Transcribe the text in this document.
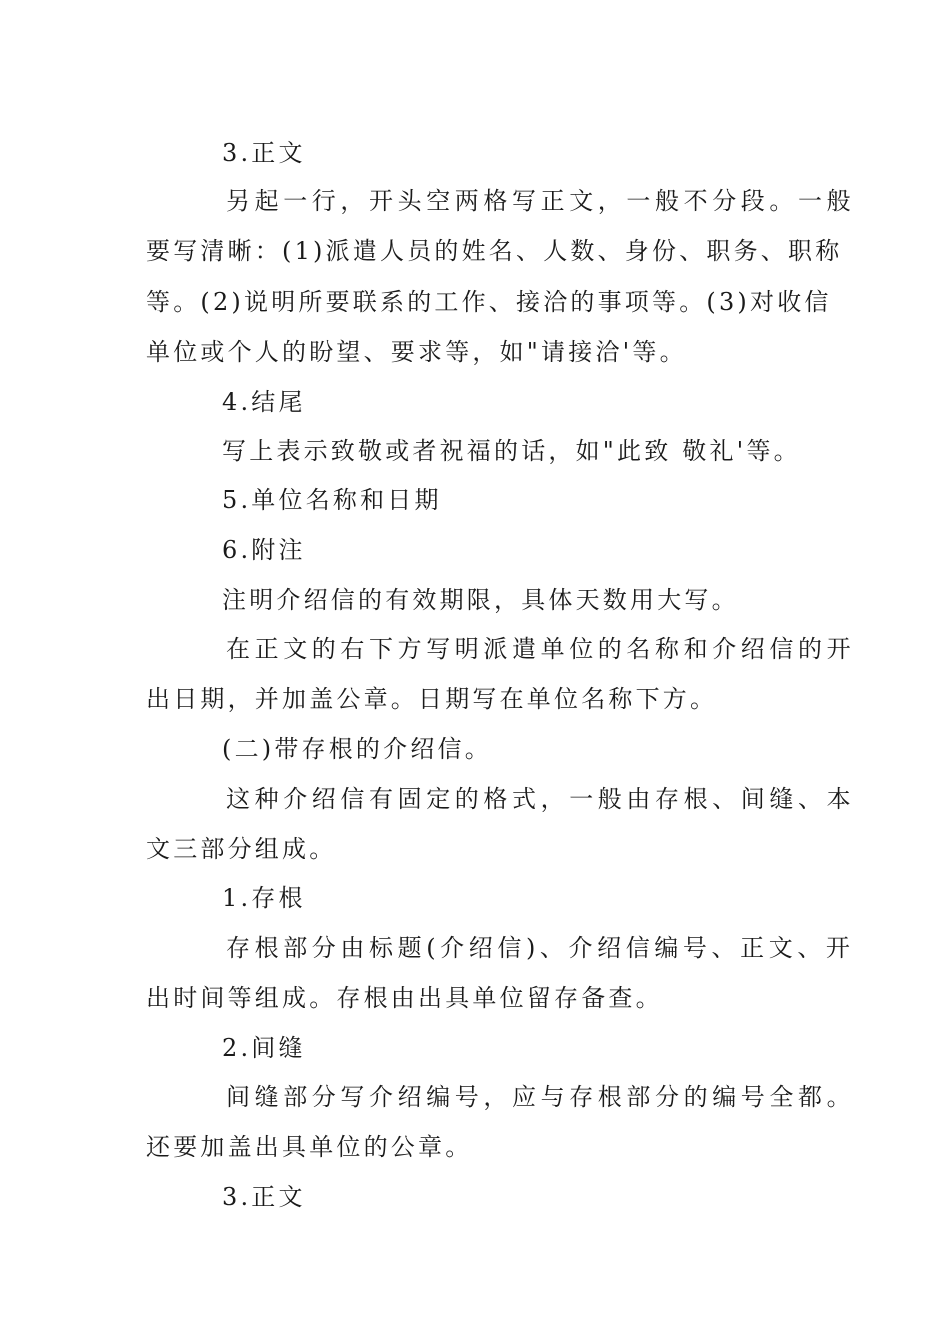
3.正文
另起一行，开头空两格写正文，一般不分段。一般
要写清晰：(1)派遣人员的姓名、人数、身份、职务、职称
等。(2)说明所要联系的工作、接洽的事项等。(3)对收信
单位或个人的盼望、要求等，如"请接洽'等。
4.结尾
写上表示致敬或者祝福的话，如"此致 敬礼'等。
5.单位名称和日期
6.附注
注明介绍信的有效期限，具体天数用大写。
在正文的右下方写明派遣单位的名称和介绍信的开
出日期，并加盖公章。日期写在单位名称下方。
(二)带存根的介绍信。
这种介绍信有固定的格式，一般由存根、间缝、本
文三部分组成。
1.存根
存根部分由标题(介绍信)、介绍信编号、正文、开
出时间等组成。存根由出具单位留存备查。
2.间缝
间缝部分写介绍编号，应与存根部分的编号全都。
还要加盖出具单位的公章。
3.正文
